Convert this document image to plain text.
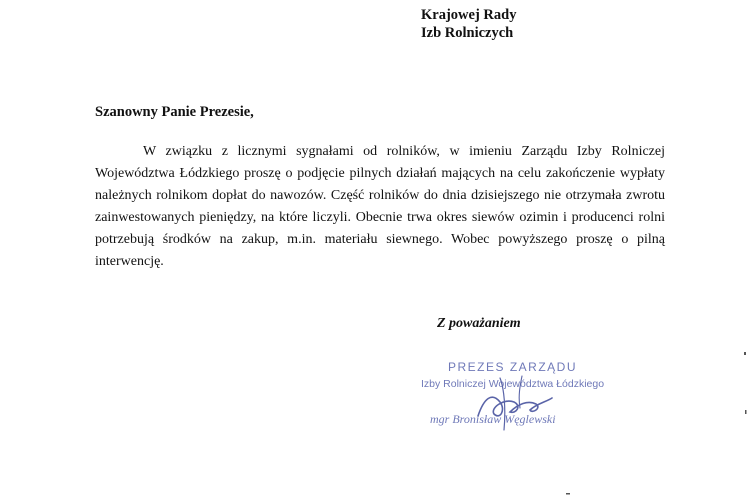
Krajowej Rady
Izb Rolniczych
Szanowny Panie Prezesie,
W związku z licznymi sygnałami od rolników, w imieniu Zarządu Izby Rolniczej Województwa Łódzkiego proszę o podjęcie pilnych działań mających na celu zakończenie wypłaty należnych rolnikom dopłat do nawozów. Część rolników do dnia dzisiejszego nie otrzymała zwrotu zainwestowanych pieniędzy, na które liczyli. Obecnie trwa okres siewów ozimin i producenci rolni potrzebują środków na zakup, m.in. materiału siewnego. Wobec powyższego proszę o pilną interwencję.
Z poważaniem
PREZES ZARZĄDU
Izby Rolniczej Województwa Łódzkiego
mgr Bronisław Węglewski
